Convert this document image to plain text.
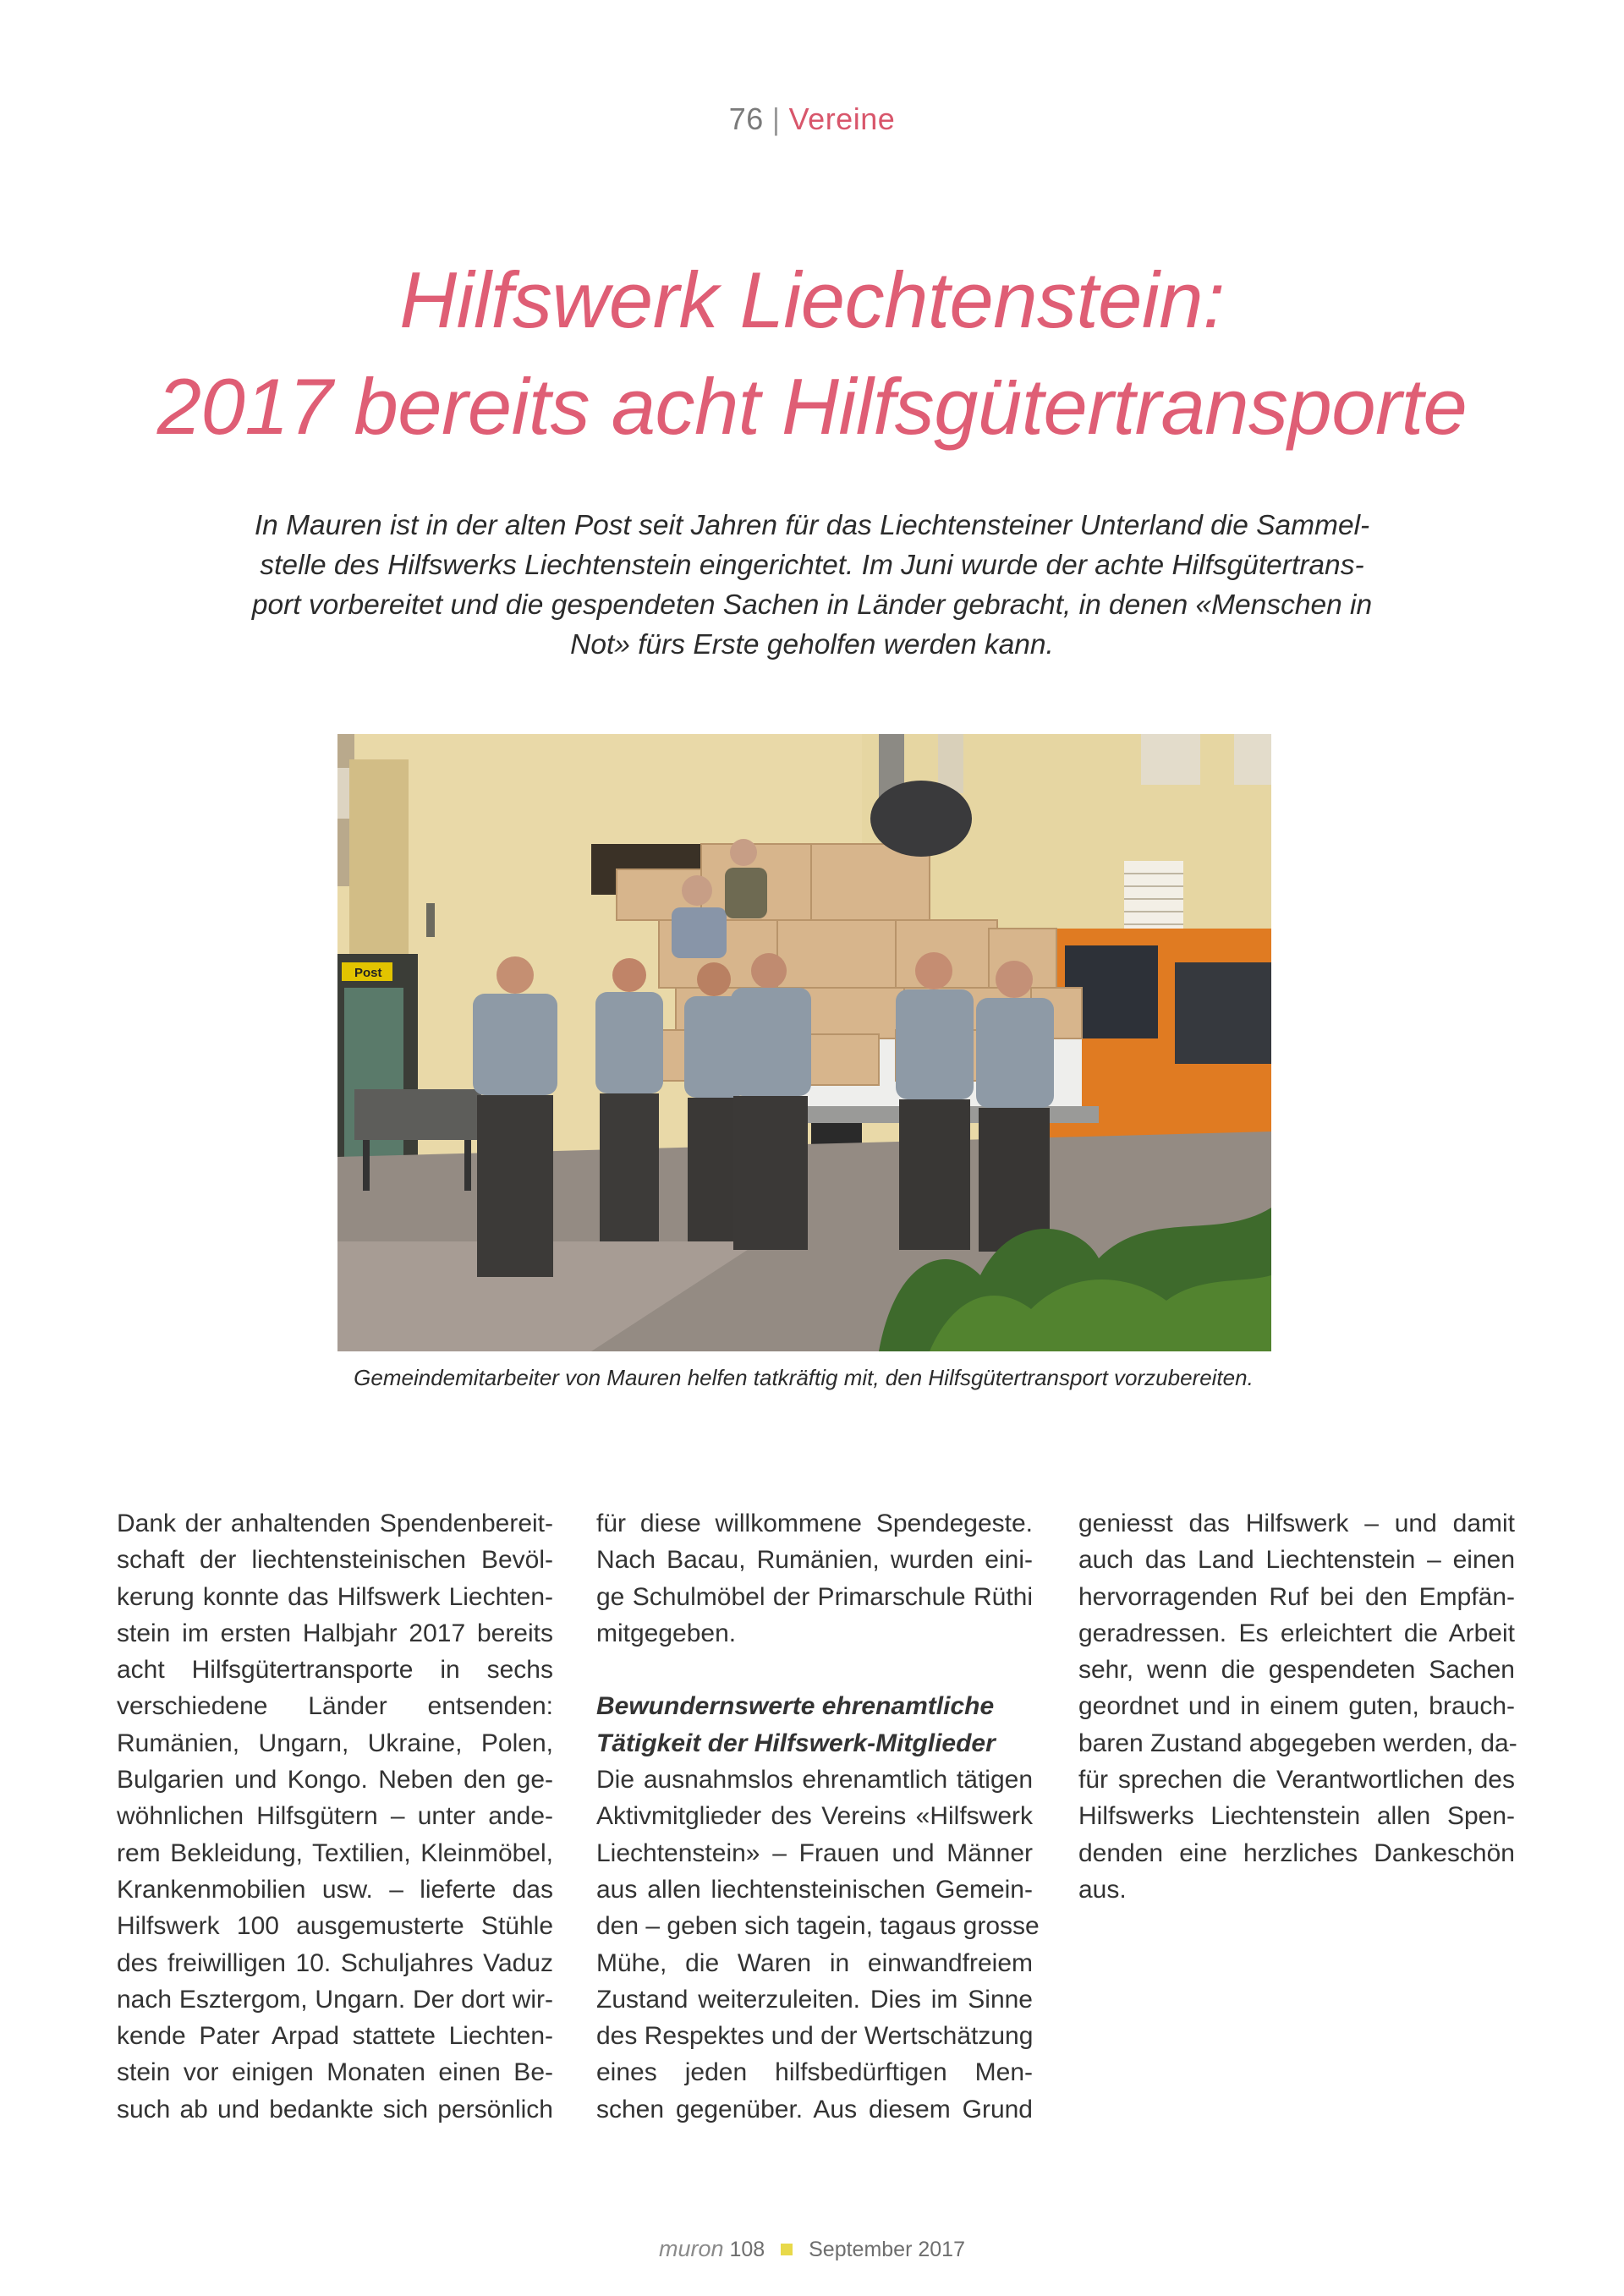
76 | Vereine
Hilfswerk Liechtenstein:
2017 bereits acht Hilfsgütertransporte
In Mauren ist in der alten Post seit Jahren für das Liechtensteiner Unterland die Sammel-
stelle des Hilfswerks Liechtenstein eingerichtet. Im Juni wurde der achte Hilfsgütertrans-
port vorbereitet und die gespendeten Sachen in Länder gebracht, in denen «Menschen in
Not» fürs Erste geholfen werden kann.
Post
Gemeindemitarbeiter von Mauren helfen tatkräftig mit, den Hilfsgütertransport vorzubereiten.
Dank der anhaltenden Spendenbereit-
schaft der liechtensteinischen Bevöl-
kerung konnte das Hilfswerk Liechten-
stein im ersten Halbjahr 2017 bereits
acht Hilfsgütertransporte in sechs
verschiedene Länder entsenden:
Rumänien, Ungarn, Ukraine, Polen,
Bulgarien und Kongo. Neben den ge-
wöhnlichen Hilfsgütern – unter ande-
rem Bekleidung, Textilien, Kleinmöbel,
Krankenmobilien usw. – lieferte das
Hilfswerk 100 ausgemusterte Stühle
des freiwilligen 10. Schuljahres Vaduz
nach Esztergom, Ungarn. Der dort wir-
kende Pater Arpad stattete Liechten-
stein vor einigen Monaten einen Be-
such ab und bedankte sich persönlich
für diese willkommene Spendegeste.
Nach Bacau, Rumänien, wurden eini-
ge Schulmöbel der Primarschule Rüthi
mitgegeben.
Bewundernswerte ehrenamtliche
Tätigkeit der Hilfswerk-Mitglieder
Die ausnahmslos ehrenamtlich tätigen
Aktivmitglieder des Vereins «Hilfswerk
Liechtenstein» – Frauen und Männer
aus allen liechtensteinischen Gemein-
den – geben sich tagein, tagaus grosse
Mühe, die Waren in einwandfreiem
Zustand weiterzuleiten. Dies im Sinne
des Respektes und der Wertschätzung
eines jeden hilfsbedürftigen Men-
schen gegenüber. Aus diesem Grund
geniesst das Hilfswerk – und damit
auch das Land Liechtenstein – einen
hervorragenden Ruf bei den Empfän-
geradressen. Es erleichtert die Arbeit
sehr, wenn die gespendeten Sachen
geordnet und in einem guten, brauch-
baren Zustand abgegeben werden, da-
für sprechen die Verantwortlichen des
Hilfswerks Liechtenstein allen Spen-
denden eine herzliches Dankeschön
aus.
muron 108 September 2017
